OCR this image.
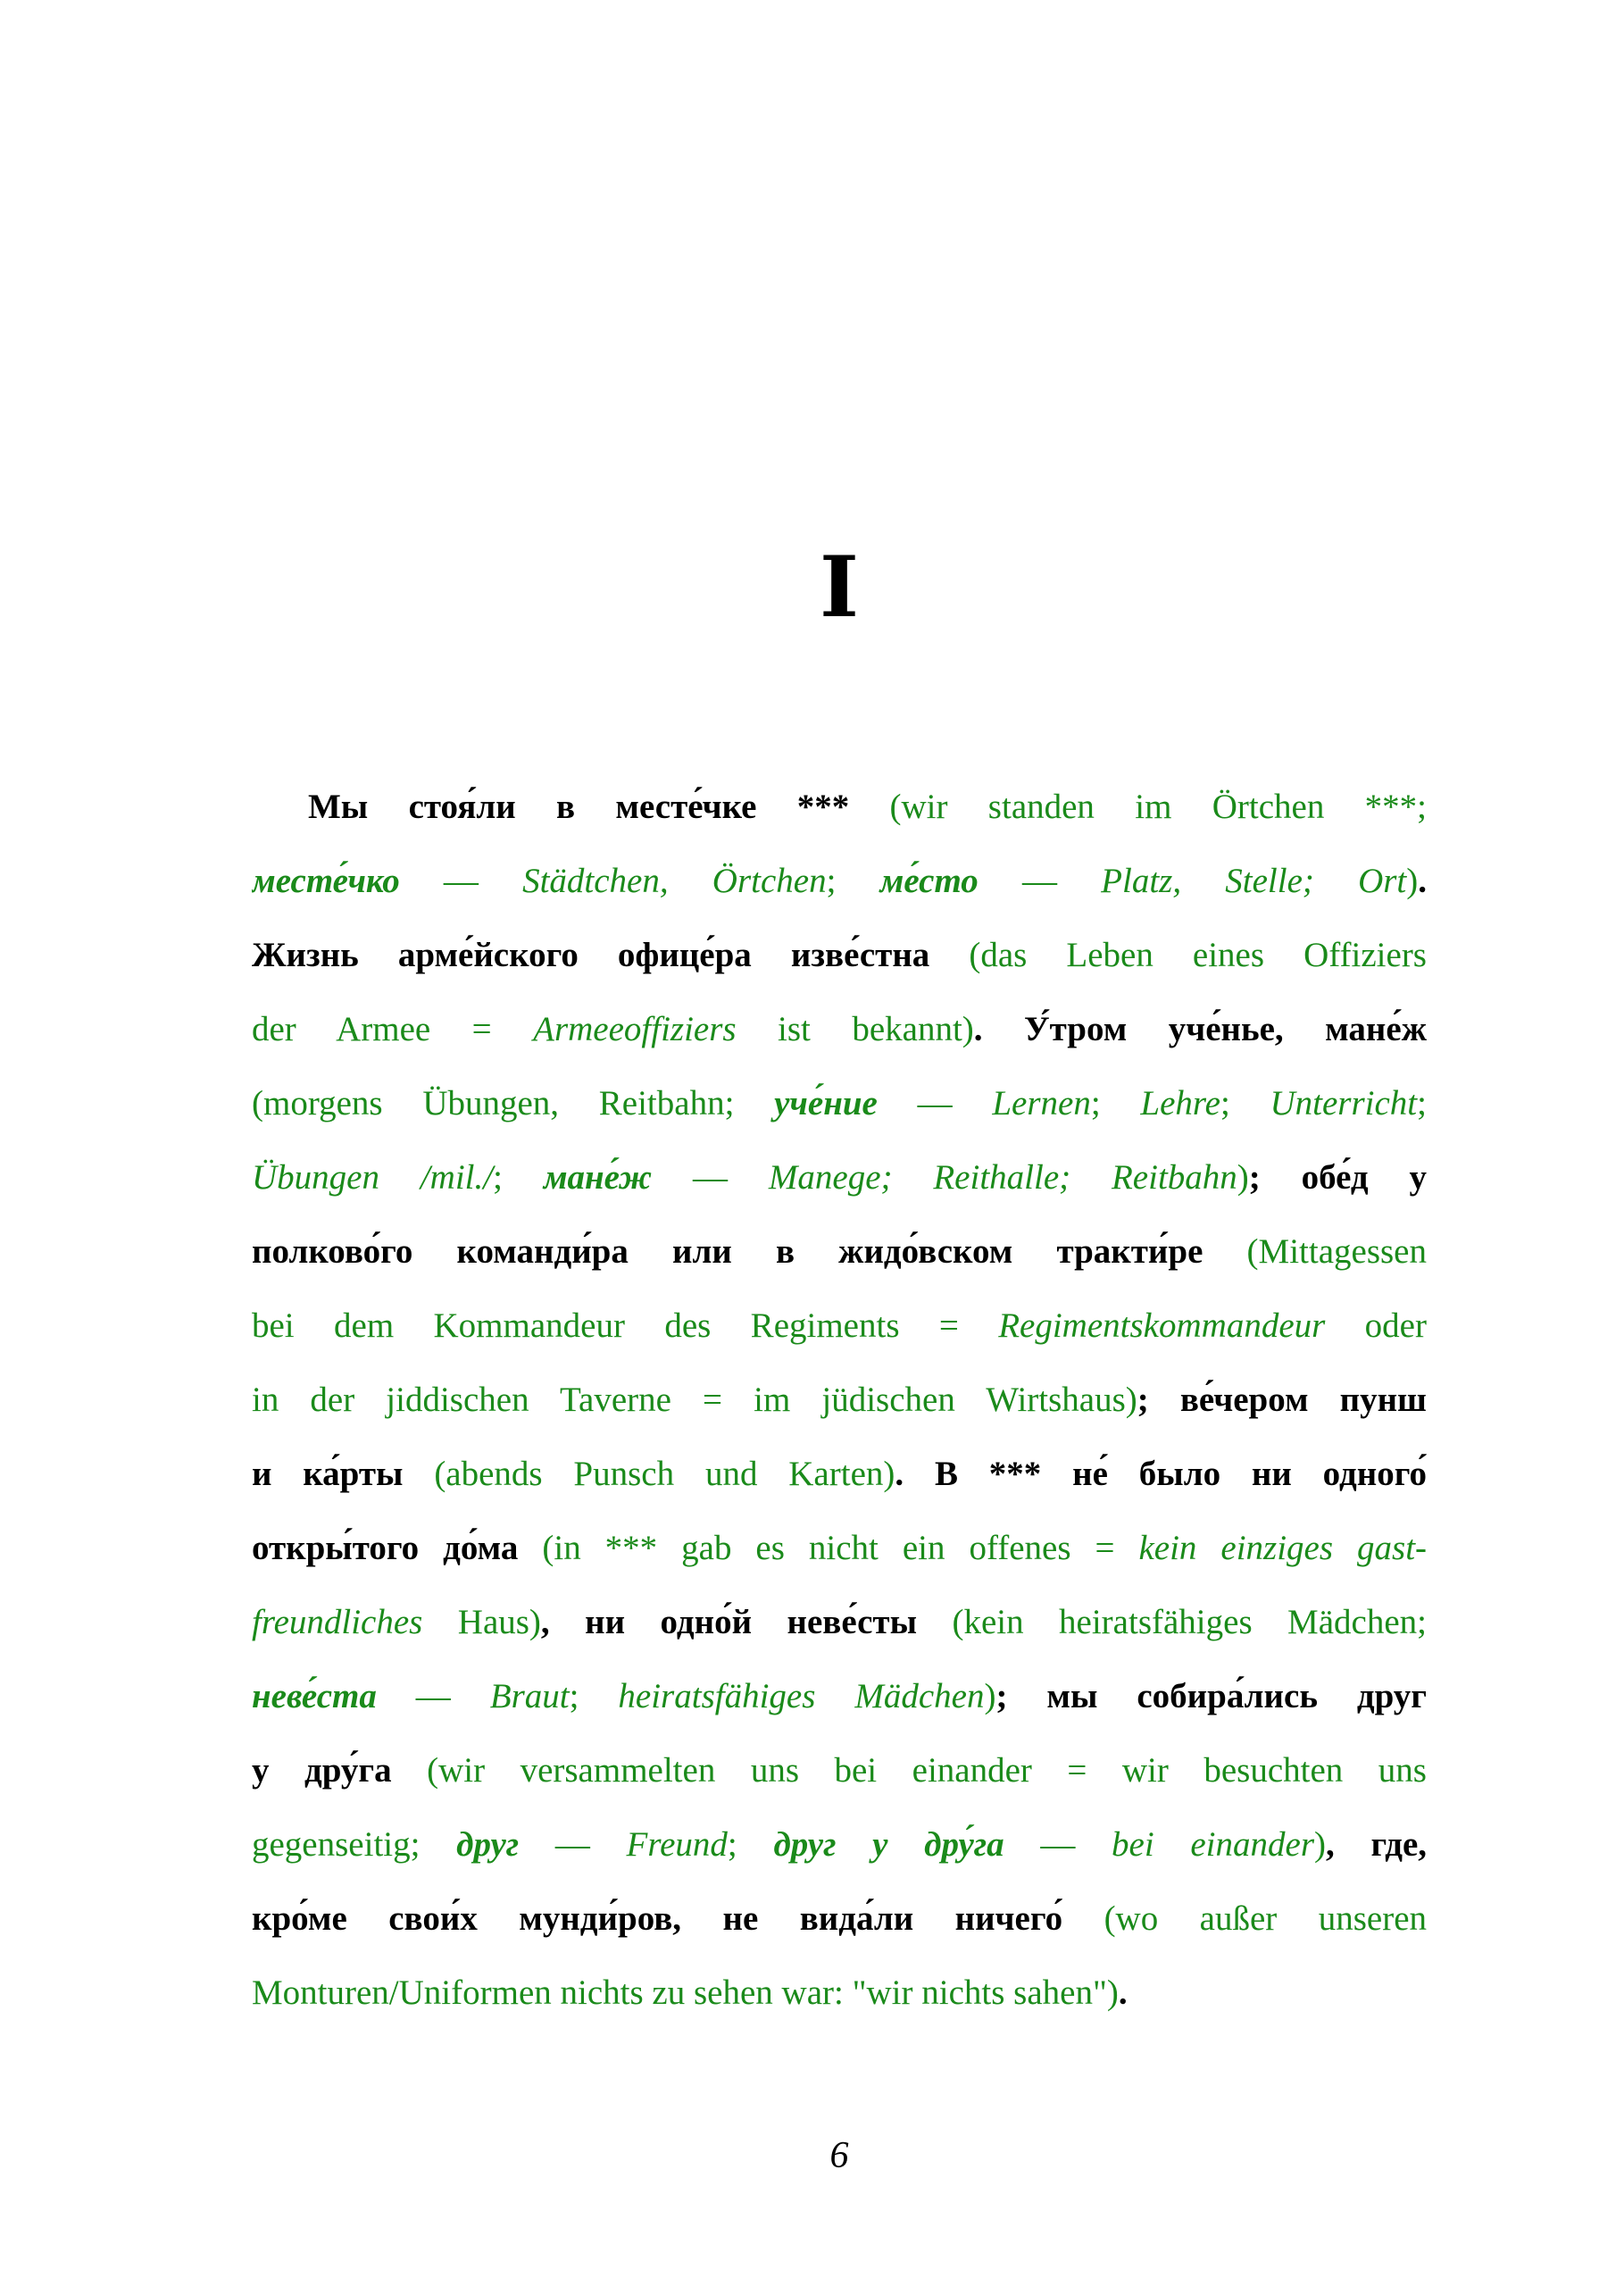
I
Мы стоя́ли в месте́чке *** (wir standen im Örtchen ***;
месте́чко — Städtchen, Örtchen; ме́сто — Platz, Stelle; Ort).
Жизнь арме́йского офице́ра изве́стна (das Leben eines Offiziers
der Armee = Armeeoffiziers ist bekannt). У́тром уче́нье, мане́ж
(morgens Übungen, Reitbahn; уче́ние — Lernen; Lehre; Unterricht;
Übungen /mil./; мане́ж — Manege; Reithalle; Reitbahn); обе́д у
полково́го команди́ра или в жидо́вском тракти́ре (Mittagessen
bei dem Kommandeur des Regiments = Regimentskommandeur oder
in der jiddischen Taverne = im jüdischen Wirtshaus); ве́чером пунш
и ка́рты (abends Punsch und Karten). В *** не́ было ни одного́
откры́того до́ма (in *** gab es nicht ein offenes = kein einziges gast-
freundliches Haus), ни одно́й неве́сты (kein heiratsfähiges Mädchen;
неве́ста — Braut; heiratsfähiges Mädchen); мы собира́лись друг
у дру́га (wir versammelten uns bei einander = wir besuchten uns
gegenseitig; друг — Freund; друг у дру́га — bei einander), где,
кро́ме свои́х мунди́ров, не вида́ли ничего́ (wo außer unseren
Monturen/Uniformen nichts zu sehen war: "wir nichts sahen").
6
